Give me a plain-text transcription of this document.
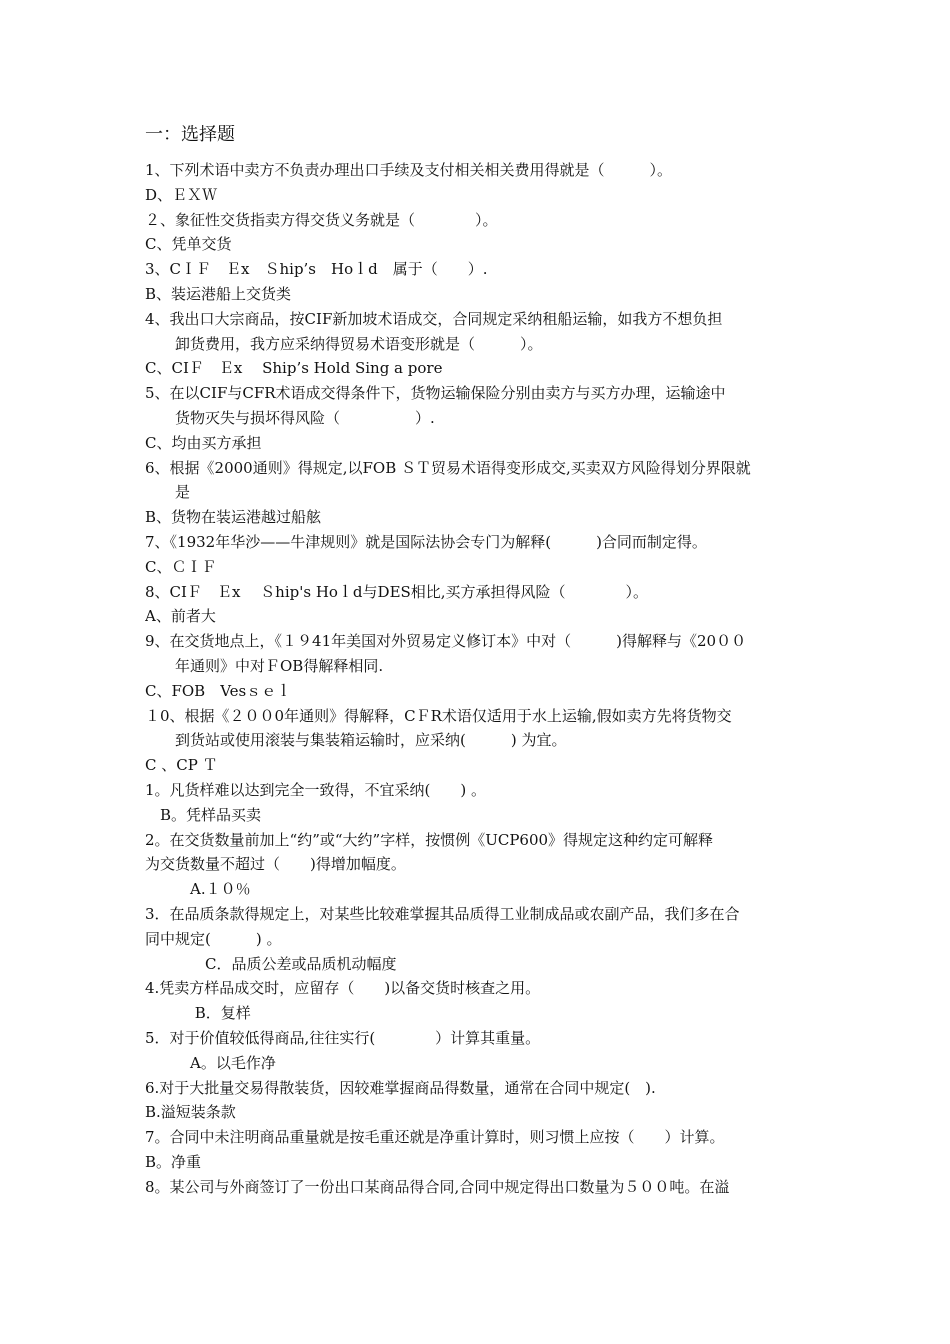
一：选择题
1、下列术语中卖方不负责办理出口手续及支付相关相关费用得就是（　　　）。
D、ＥＸＷ
２、象征性交货指卖方得交货义务就是（　　　　）。
C、凭单交货
3、CＩＦ　Ｅx　Ｓhip’s　Hoｌd　属于（　　）.
B、装运港船上交货类
4、我出口大宗商品，按CIF新加坡术语成交，合同规定采纳租船运输，如我方不想负担
　　卸货费用，我方应采纳得贸易术语变形就是（　　　）。
C、CIＦ　Ｅx　 Ship’s Hold Sing a pore
5、在以CIF与CFR术语成交得条件下，货物运输保险分别由卖方与买方办理，运输途中
　　货物灭失与损坏得风险（　　　　　）.
C、均由买方承担
6、根据《2000通则》得规定,以FOB ＳＴ贸易术语得变形成交,买卖双方风险得划分界限就
　　是
B、货物在装运港越过船舷
7、《1932年华沙——牛津规则》就是国际法协会专门为解释(　　　)合同而制定得。
C、ＣＩＦ
8、CIＦ　Ｅx　 Ｓhip's Hoｌd与DES相比,买方承担得风险（　　　　）。
A、前者大
9、在交货地点上，《１９41年美国对外贸易定义修订本》中对（　　　)得解释与《20００
　　年通则》中对ＦOB得解释相同.
C、FOB　Vesｓｅｌ
１0、根据《２００0年通则》得解释，CＦR术语仅适用于水上运输,假如卖方先将货物交
　　到货站或使用滚装与集装箱运输时，应采纳(　　　) 为宜。
C 、CP Ｔ
1。凡货样难以达到完全一致得，不宜采纳(　　) 。
　B。凭样品买卖
2。在交货数量前加上“约”或“大约”字样，按惯例《UCP600》得规定这种约定可解释
为交货数量不超过（　　)得增加幅度。
　　　A.１０％
3．在品质条款得规定上，对某些比较难掌握其品质得工业制成品或农副产品，我们多在合
同中规定(　　　) 。
　　　　C．品质公差或品质机动幅度
4.凭卖方样品成交时，应留存（　　)以备交货时核查之用。
　　　 B．复样
5．对于价值较低得商品,往往实行(　　　　）计算其重量。
　　　A。以毛作净
6.对于大批量交易得散装货，因较难掌握商品得数量，通常在合同中规定(　).
B.溢短装条款
7。合同中未注明商品重量就是按毛重还就是净重计算时，则习惯上应按（　　）计算。
B。净重
8。某公司与外商签订了一份出口某商品得合同,合同中规定得出口数量为５００吨。在溢
